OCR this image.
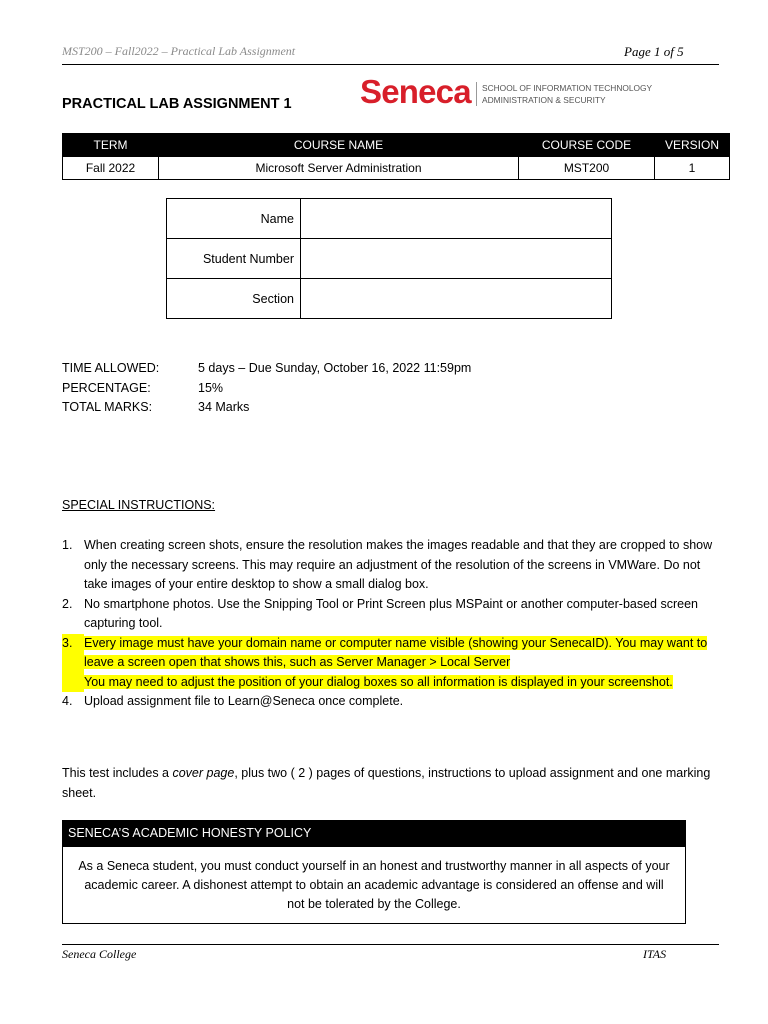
MST200 – Fall2022 – Practical Lab Assignment	Page 1 of 5
PRACTICAL LAB ASSIGNMENT 1 Seneca SCHOOL OF INFORMATION TECHNOLOGY
ADMINISTRATION & SECURITY
TERM	COURSE NAME	COURSE CODE	VERSION
Fall 2022	Microsoft Server Administration	MST200	1
Name	
Student Number	
Section	
TIME ALLOWED:	5 days – Due Sunday, October 16, 2022 11:59pm
PERCENTAGE:	15%
TOTAL MARKS:	34 Marks
SPECIAL INSTRUCTIONS:
1. When creating screen shots, ensure the resolution makes the images readable and that they are cropped to show only the necessary screens. This may require an adjustment of the resolution of the screens in VMWare. Do not take images of your entire desktop to show a small dialog box.
2. No smartphone photos. Use the Snipping Tool or Print Screen plus MSPaint or another computer-based screen capturing tool.
3. Every image must have your domain name or computer name visible (showing your SenecaID). You may want to leave a screen open that shows this, such as Server Manager > Local Server
You may need to adjust the position of your dialog boxes so all information is displayed in your screenshot.
4. Upload assignment file to Learn@Seneca once complete.
This test includes a cover page, plus two ( 2 ) pages of questions, instructions to upload assignment and one marking sheet.
SENECA’S ACADEMIC HONESTY POLICY
As a Seneca student, you must conduct yourself in an honest and trustworthy manner in all aspects of your academic career. A dishonest attempt to obtain an academic advantage is considered an offense and will not be tolerated by the College.
Seneca College	ITAS
